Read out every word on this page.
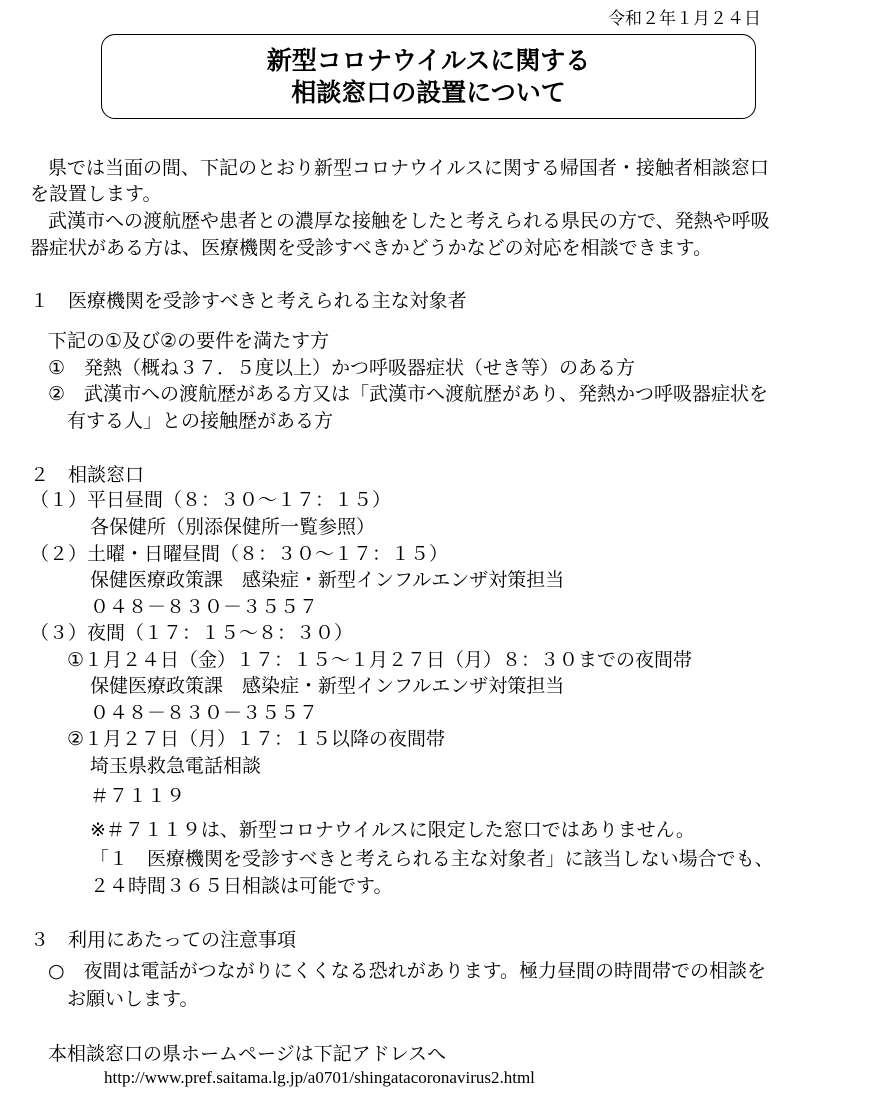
令和２年１月２４日
新型コロナウイルスに関する
相談窓口の設置について
県では当面の間、下記のとおり新型コロナウイルスに関する帰国者・接触者相談窓口
を設置します。
武漢市への渡航歴や患者との濃厚な接触をしたと考えられる県民の方で、発熱や呼吸
器症状がある方は、医療機関を受診すべきかどうかなどの対応を相談できます。
１　医療機関を受診すべきと考えられる主な対象者
下記の①及び②の要件を満たす方
①　発熱（概ね３７．５度以上）かつ呼吸器症状（せき等）のある方
②　武漢市への渡航歴がある方又は「武漢市へ渡航歴があり、発熱かつ呼吸器症状を
有する人」との接触歴がある方
２　相談窓口
（１）平日昼間（８：３０～１７：１５）
各保健所（別添保健所一覧参照）
（２）土曜・日曜昼間（８：３０～１７：１５）
保健医療政策課　感染症・新型インフルエンザ対策担当
０４８－８３０－３５５７
（３）夜間（１７：１５～８：３０）
①１月２４日（金）１７：１５～１月２７日（月）８：３０までの夜間帯
保健医療政策課　感染症・新型インフルエンザ対策担当
０４８－８３０－３５５７
②１月２７日（月）１７：１５以降の夜間帯
埼玉県救急電話相談
＃７１１９
※＃７１１９は、新型コロナウイルスに限定した窓口ではありません。
「１　医療機関を受診すべきと考えられる主な対象者」に該当しない場合でも、
２４時間３６５日相談は可能です。
３　利用にあたっての注意事項
○　夜間は電話がつながりにくくなる恐れがあります。極力昼間の時間帯での相談を
お願いします。
本相談窓口の県ホームページは下記アドレスへ
http://www.pref.saitama.lg.jp/a0701/shingatacoronavirus2.html
